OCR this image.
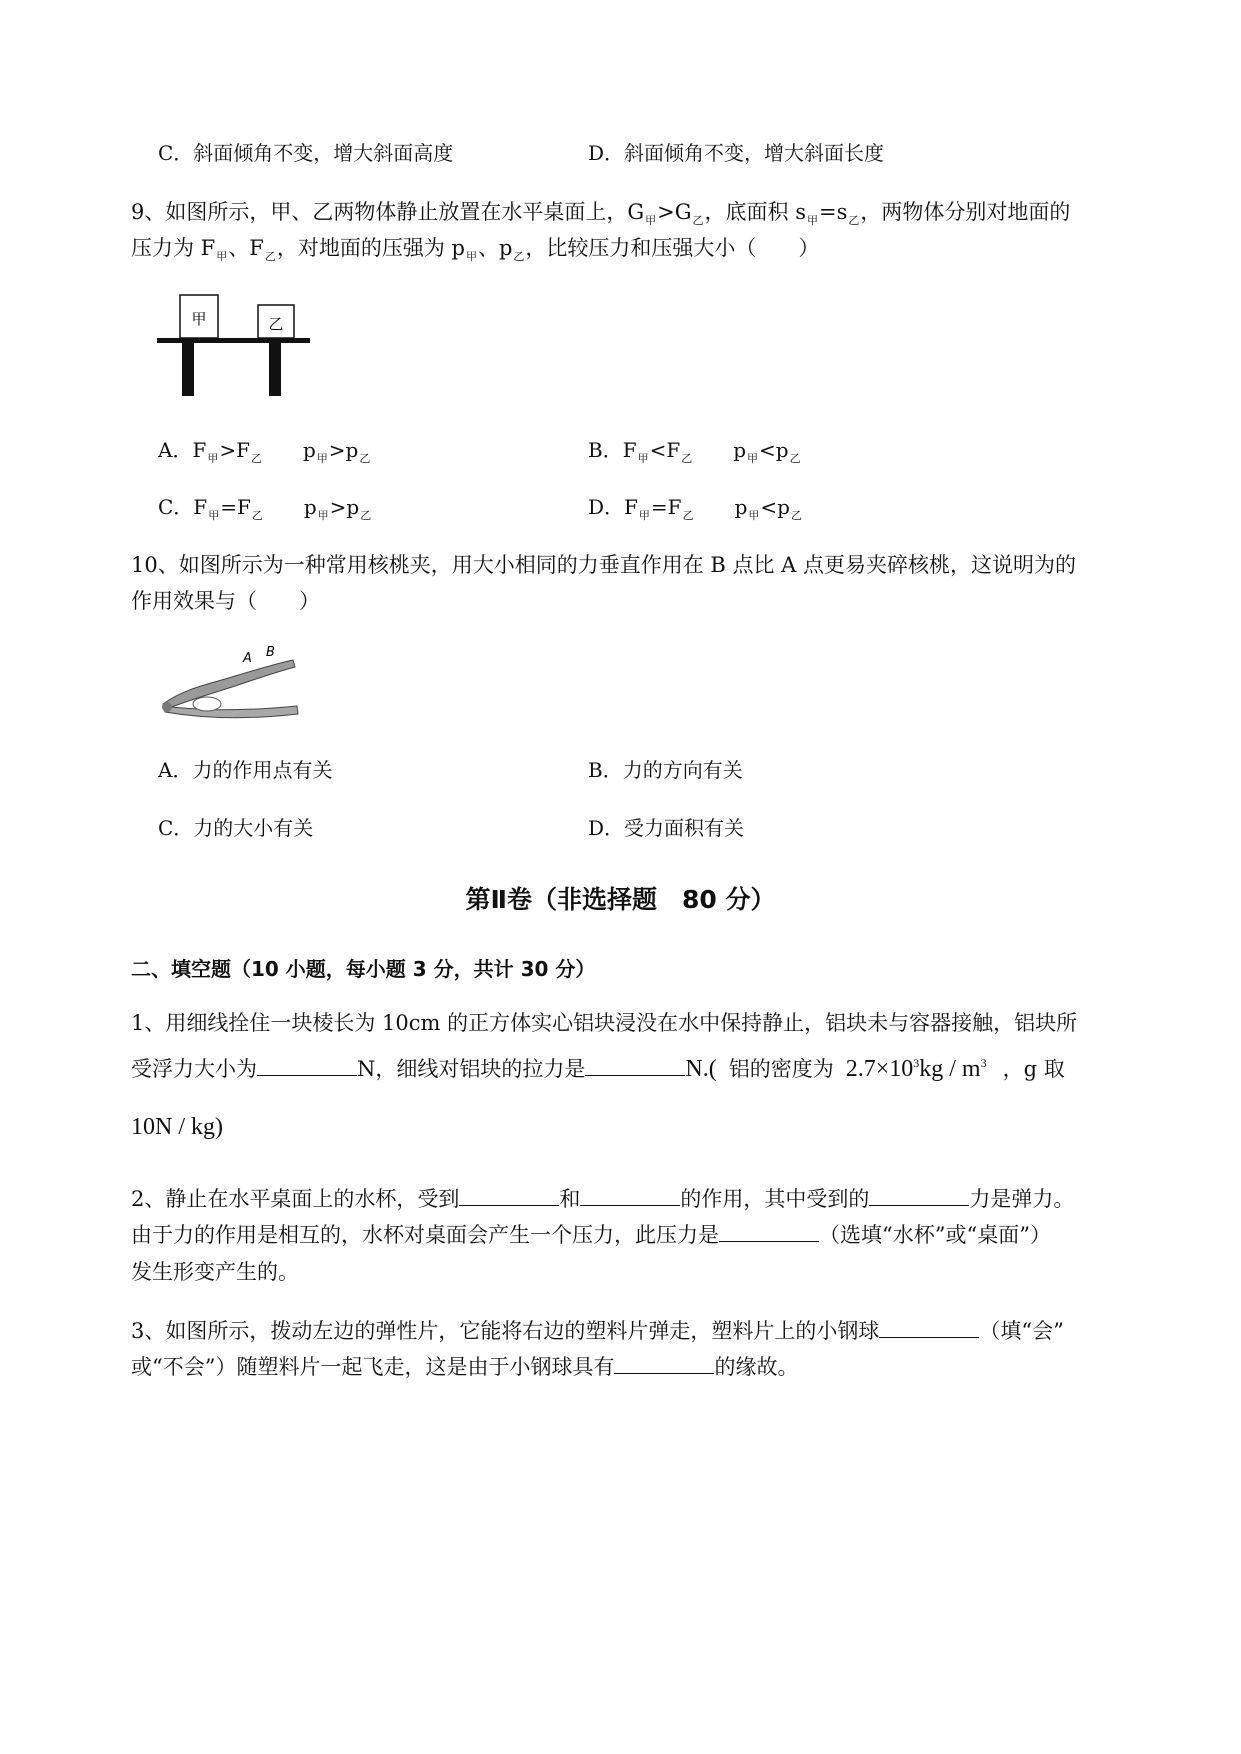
C．斜面倾角不变，增大斜面高度	D．斜面倾角不变，增大斜面长度
9、如图所示，甲、乙两物体静止放置在水平桌面上，$G_甲>G_乙$，底面积 $s_甲=s_乙$，两物体分别对地面的
压力为 $F_甲$、$F_乙$，对地面的压强为 $p_甲$、$p_乙$，比较压力和压强大小（　　）
甲	乙
A．$F_甲>F_乙$ $p_甲>p_乙$	B．$F_甲<F_乙$ $p_甲<p_乙$
C．$F_甲=F_乙$ $p_甲>p_乙$	D．$F_甲=F_乙$ $p_甲<p_乙$
10、如图所示为一种常用核桃夹，用大小相同的力垂直作用在 B 点比 A 点更易夹碎核桃，这说明为的
作用效果与（　　）
A B
A．力的作用点有关	B．力的方向有关
C．力的大小有关	D．受力面积有关
第Ⅱ卷（非选择题　80 分）
二、填空题（10 小题，每小题 3 分，共计 30 分）
1、用细线拴住一块棱长为 10cm 的正方体实心铝块浸没在水中保持静止，铝块未与容器接触，铝块所
受浮力大小为	N，细线对铝块的拉力是	N.( 铝的密度为 $2.7\times 10^3kg / m^3$ ，g 取
10N / kg)
2、静止在水平桌面上的水杯，受到	和	的作用，其中受到的	力是弹力。
由于力的作用是相互的，水杯对桌面会产生一个压力，此压力是	（选填“水杯”或“桌面”）
发生形变产生的。
3、如图所示，拨动左边的弹性片，它能将右边的塑料片弹走，塑料片上的小钢球	（填“会”
或“不会”）随塑料片一起飞走，这是由于小钢球具有	的缘故。
